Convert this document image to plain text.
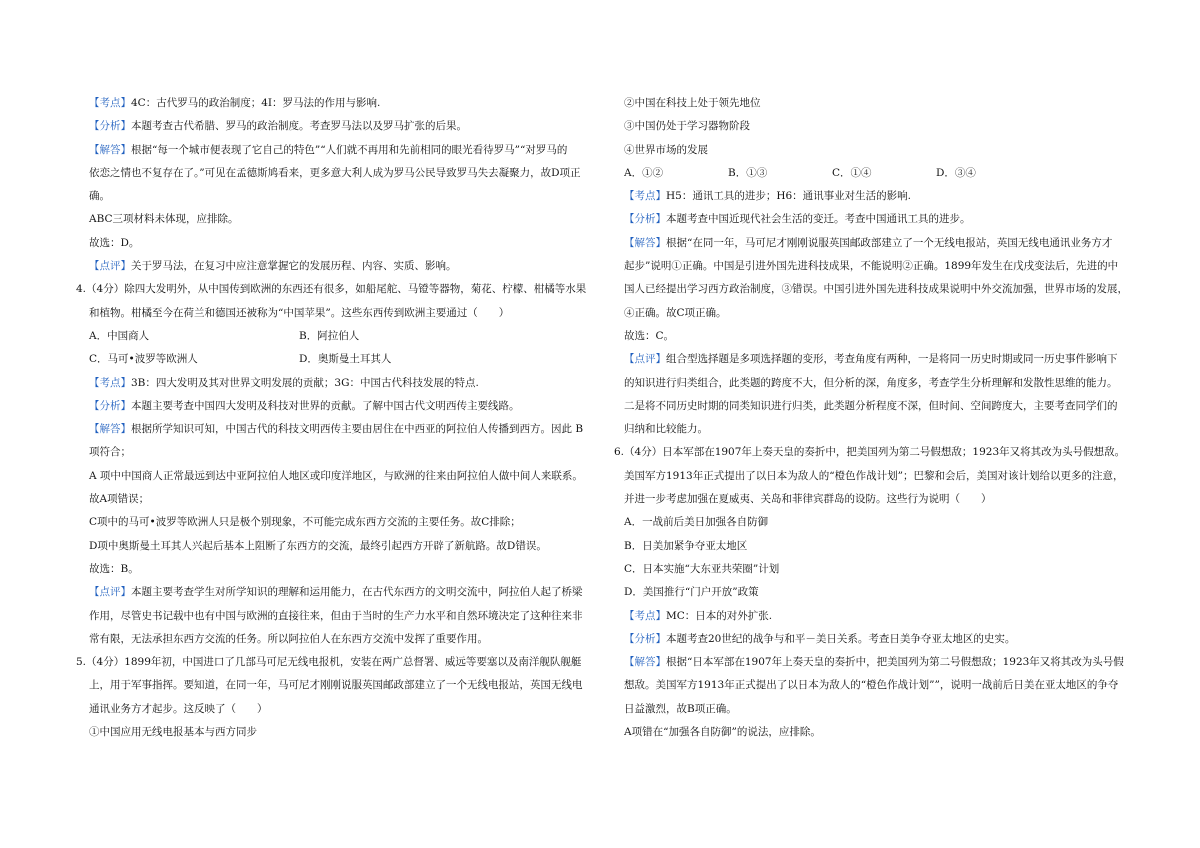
【考点】4C：古代罗马的政治制度；4I：罗马法的作用与影响.
【分析】本题考查古代希腊、罗马的政治制度。考查罗马法以及罗马扩张的后果。
【解答】根据“每一个城市便表现了它自己的特色”“人们就不再用和先前相同的眼光看待罗马”“对罗马的
依恋之情也不复存在了。”可见在孟德斯鸠看来，更多意大利人成为罗马公民导致罗马失去凝聚力，故D项正
确。
ABC三项材料未体现，应排除。
故选：D。
【点评】关于罗马法，在复习中应注意掌握它的发展历程、内容、实质、影响。
4.（4分）除四大发明外，从中国传到欧洲的东西还有很多，如船尾舵、马镫等器物，菊花、柠檬、柑橘等水果
和植物。柑橘至今在荷兰和德国还被称为“中国苹果”。这些东西传到欧洲主要通过（　　）
A．中国商人	B．阿拉伯人
C．马可•波罗等欧洲人	D．奥斯曼土耳其人
【考点】3B：四大发明及其对世界文明发展的贡献；3G：中国古代科技发展的特点.
【分析】本题主要考查中国四大发明及科技对世界的贡献。了解中国古代文明西传主要线路。
【解答】根据所学知识可知，中国古代的科技文明西传主要由居住在中西亚的阿拉伯人传播到西方。因此 B
项符合；
A 项中中国商人正常最远到达中亚阿拉伯人地区或印度洋地区，与欧洲的往来由阿拉伯人做中间人来联系。
故A项错误；
C项中的马可•波罗等欧洲人只是极个别现象，不可能完成东西方交流的主要任务。故C排除；
D项中奥斯曼土耳其人兴起后基本上阻断了东西方的交流，最终引起西方开辟了新航路。故D错误。
故选：B。
【点评】本题主要考查学生对所学知识的理解和运用能力，在古代东西方的文明交流中，阿拉伯人起了桥梁
作用，尽管史书记载中也有中国与欧洲的直接往来，但由于当时的生产力水平和自然环境决定了这种往来非
常有限，无法承担东西方交流的任务。所以阿拉伯人在东西方交流中发挥了重要作用。
5.（4分）1899年初，中国进口了几部马可尼无线电报机，安装在两广总督署、威远等要塞以及南洋舰队舰艇
上，用于军事指挥。要知道，在同一年，马可尼才刚刚说服英国邮政部建立了一个无线电报站，英国无线电
通讯业务方才起步。这反映了（　　）
①中国应用无线电报基本与西方同步
②中国在科技上处于领先地位
③中国仍处于学习器物阶段
④世界市场的发展
A．①②	B．①③	C．①④	D．③④
【考点】H5：通讯工具的进步；H6：通讯事业对生活的影响.
【分析】本题考查中国近现代社会生活的变迁。考查中国通讯工具的进步。
【解答】根据“在同一年，马可尼才刚刚说服英国邮政部建立了一个无线电报站，英国无线电通讯业务方才
起步”说明①正确。中国是引进外国先进科技成果，不能说明②正确。1899年发生在戊戌变法后，先进的中
国人已经提出学习西方政治制度，③错误。中国引进外国先进科技成果说明中外交流加强，世界市场的发展，
④正确。故C项正确。
故选：C。
【点评】组合型选择题是多项选择题的变形，考查角度有两种，一是将同一历史时期或同一历史事件影响下
的知识进行归类组合，此类题的跨度不大，但分析的深，角度多，考查学生分析理解和发散性思维的能力。
二是将不同历史时期的同类知识进行归类，此类题分析程度不深，但时间、空间跨度大，主要考查同学们的
归纳和比较能力。
6.（4分）日本军部在1907年上奏天皇的奏折中，把美国列为第二号假想敌；1923年又将其改为头号假想敌。
美国军方1913年正式提出了以日本为敌人的“橙色作战计划”；巴黎和会后，美国对该计划给以更多的注意，
并进一步考虑加强在夏威夷、关岛和菲律宾群岛的设防。这些行为说明（　　）
A．一战前后美日加强各自防御
B．日美加紧争夺亚太地区
C．日本实施“大东亚共荣圈”计划
D．美国推行“门户开放”政策
【考点】MC：日本的对外扩张.
【分析】本题考查20世纪的战争与和平－美日关系。考查日美争夺亚太地区的史实。
【解答】根据“日本军部在1907年上奏天皇的奏折中，把美国列为第二号假想敌；1923年又将其改为头号假
想敌。美国军方1913年正式提出了以日本为敌人的“橙色作战计划””，说明一战前后日美在亚太地区的争夺
日益激烈，故B项正确。
A项错在“加强各自防御”的说法，应排除。
